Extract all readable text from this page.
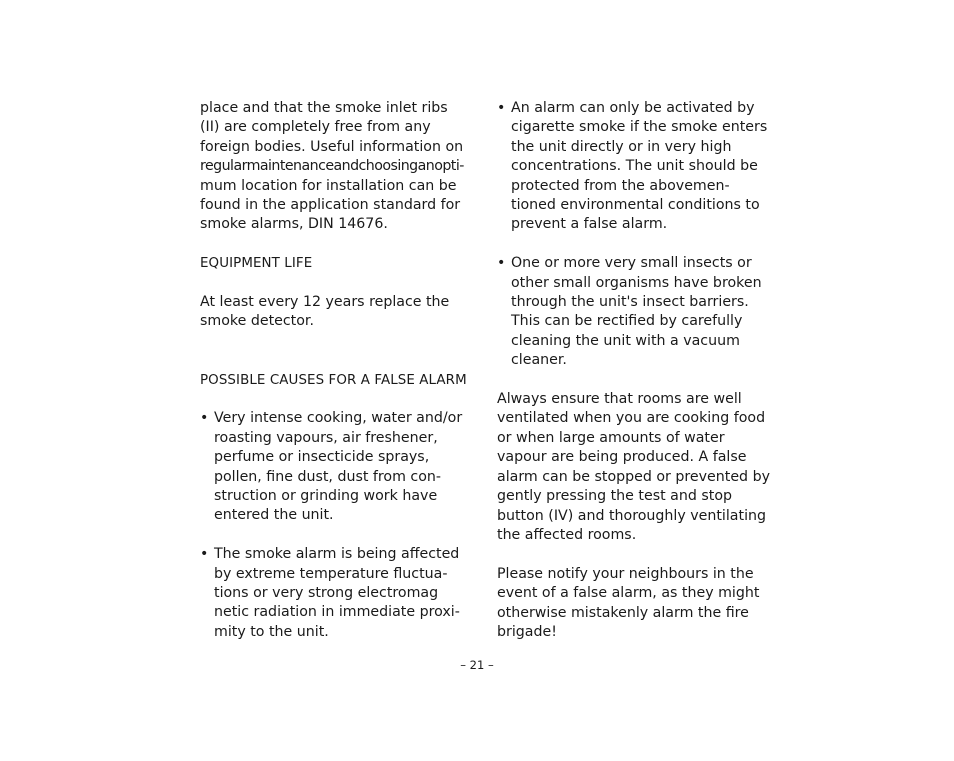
place and that the smoke inlet ribs
(II) are completely free from any
foreign bodies. Useful information on
regularmaintenanceandchoosinganopti-
mum location for installation can be
found in the application standard for
smoke alarms, DIN 14676.

EQUIPMENT LIFE

At least every 12 years replace the
smoke detector.

POSSIBLE CAUSES FOR A FALSE ALARM
• Very intense cooking, water and/or
roasting vapours, air freshener,
perfume or insecticide sprays,
pollen, fine dust, dust from con-
struction or grinding work have
entered the unit.
• The smoke alarm is being affected
by extreme temperature fluctua-
tions or very strong electromag
netic radiation in immediate proxi-
mity to the unit.
• An alarm can only be activated by
cigarette smoke if the smoke enters
the unit directly or in very high
concentrations. The unit should be
protected from the abovemen-
tioned environmental conditions to
prevent a false alarm.
• One or more very small insects or
other small organisms have broken
through the unit's insect barriers.
This can be rectified by carefully
cleaning the unit with a vacuum
cleaner.

Always ensure that rooms are well
ventilated when you are cooking food
or when large amounts of water
vapour are being produced. A false
alarm can be stopped or prevented by
gently pressing the test and stop
button (IV) and thoroughly ventilating
the affected rooms.

Please notify your neighbours in the
event of a false alarm, as they might
otherwise mistakenly alarm the fire
brigade!

– 21 –
